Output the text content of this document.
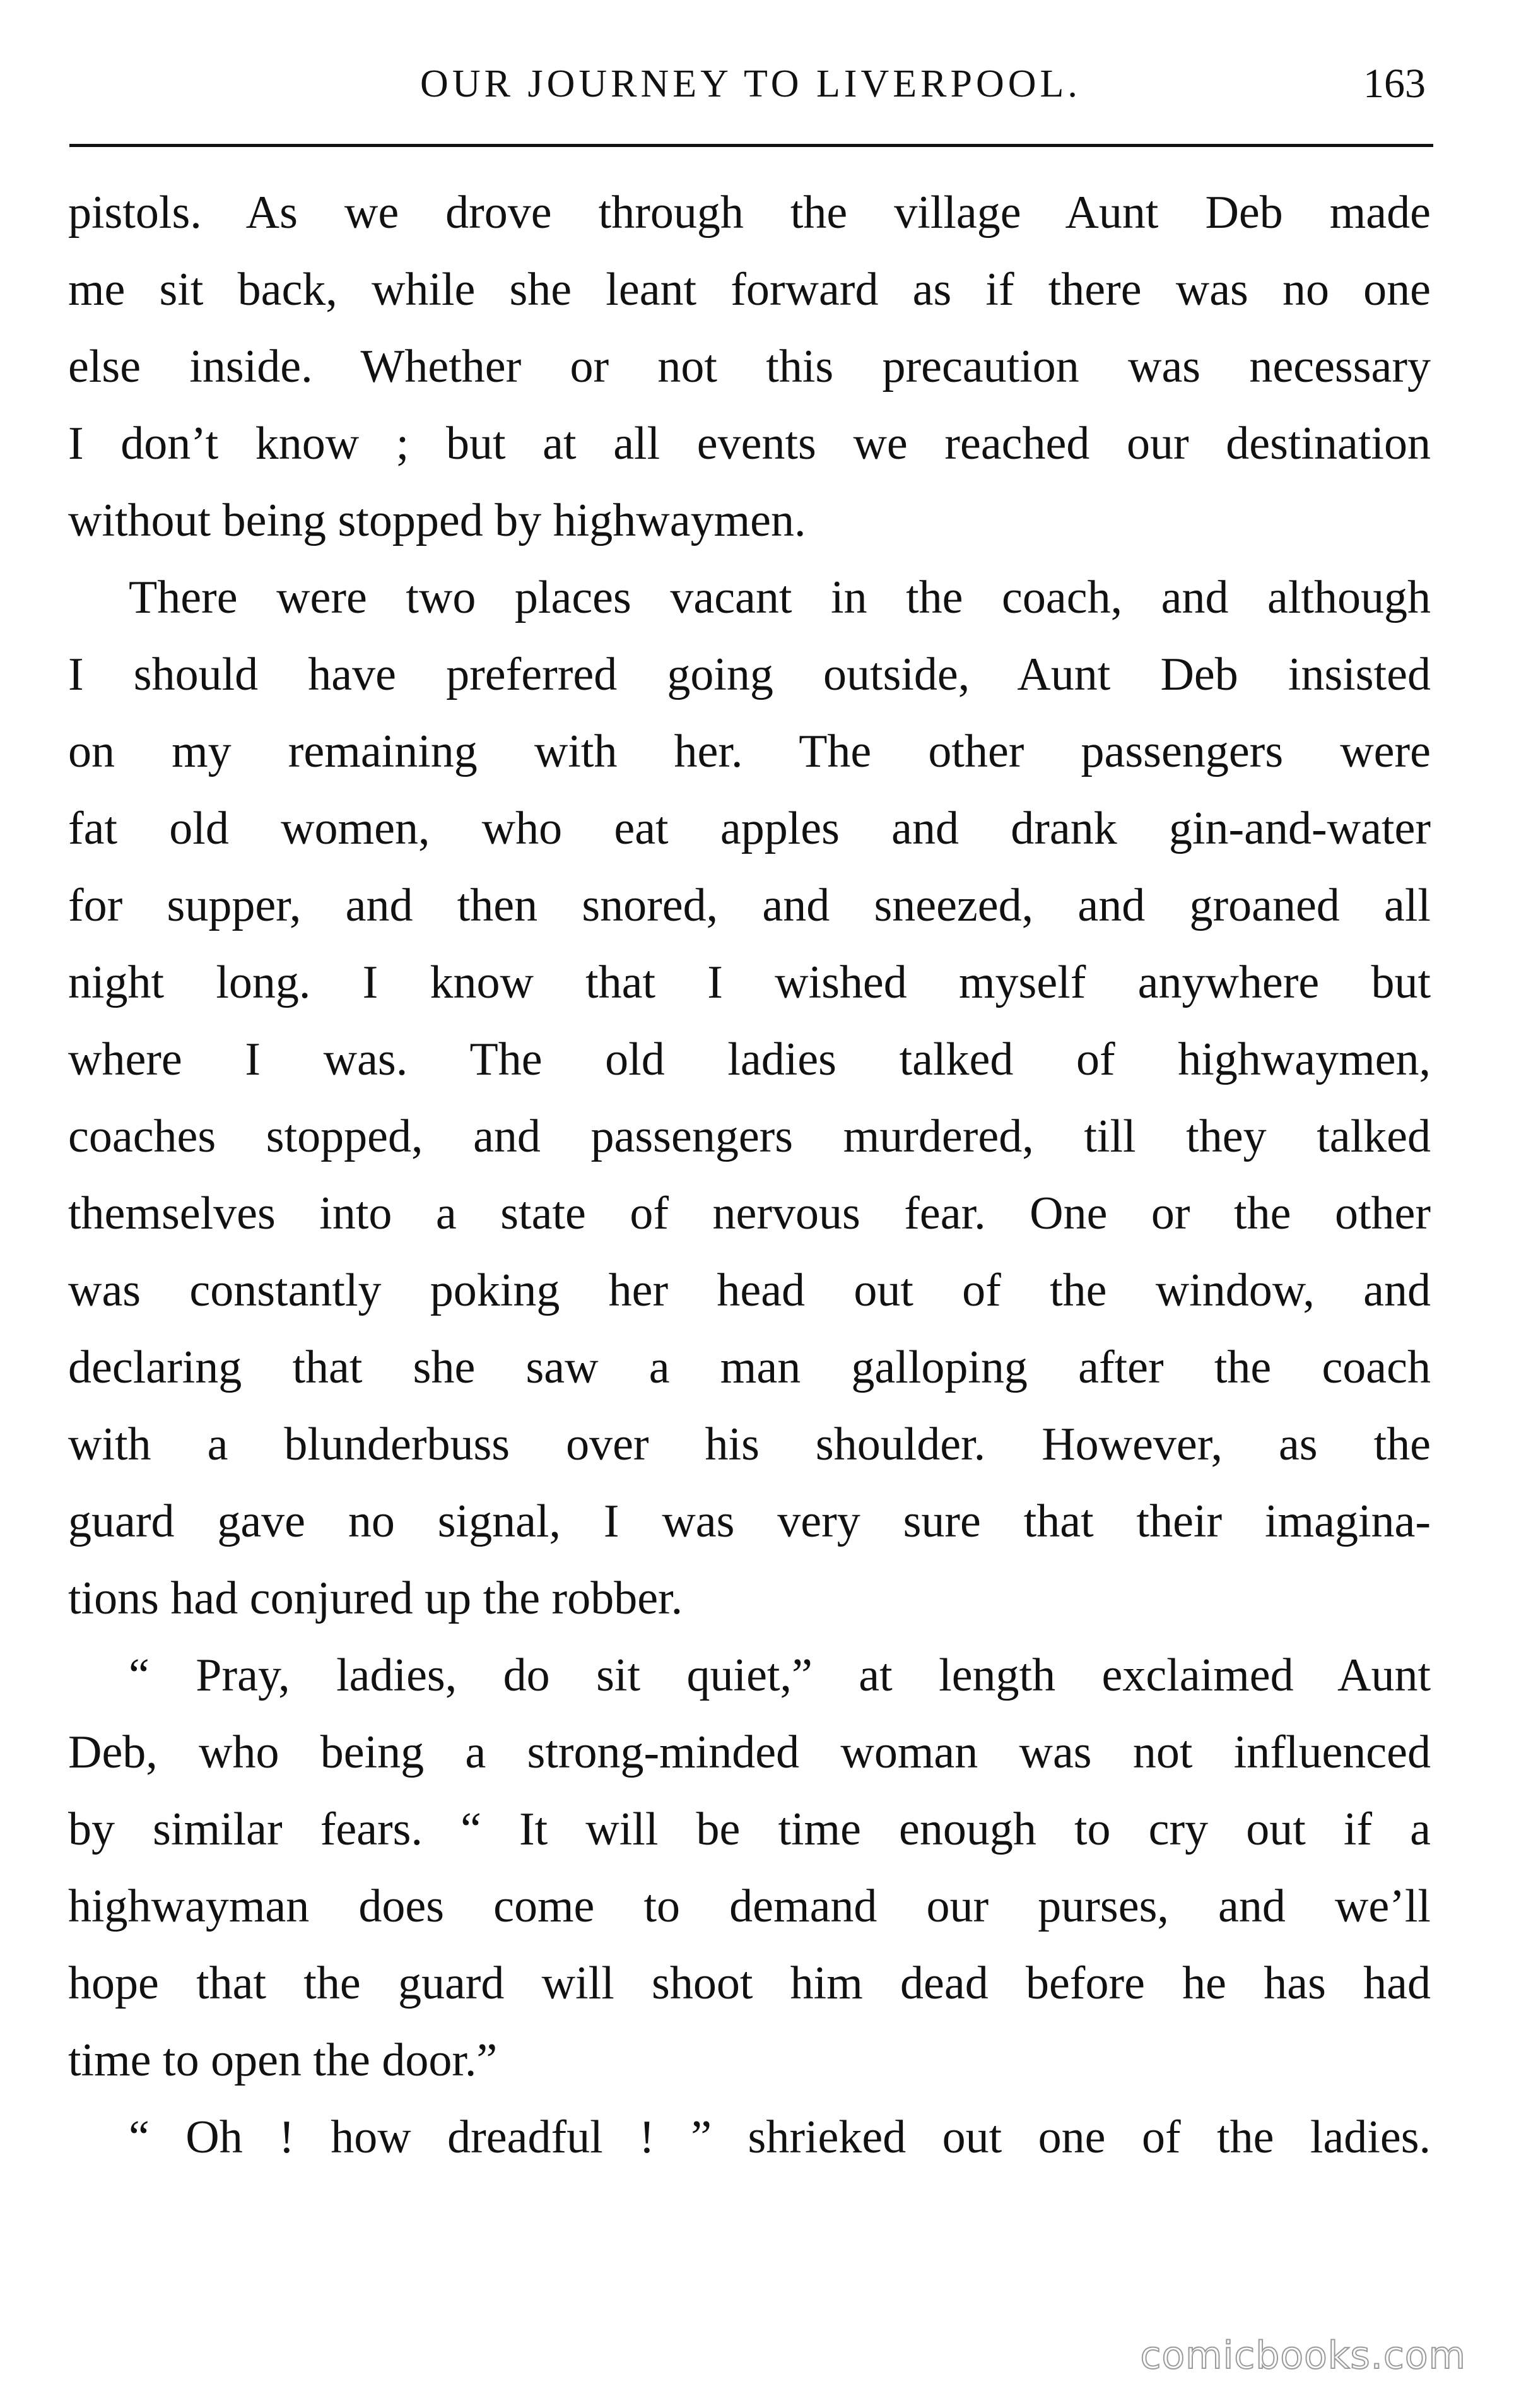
OUR JOURNEY TO LIVERPOOL.	163
pistols. As we drove through the village Aunt Deb made
me sit back, while she leant forward as if there was no one
else inside. Whether or not this precaution was necessary
I don’t know ; but at all events we reached our destination
without being stopped by highwaymen.
There were two places vacant in the coach, and although
I should have preferred going outside, Aunt Deb insisted
on my remaining with her. The other passengers were
fat old women, who eat apples and drank gin-and-water
for supper, and then snored, and sneezed, and groaned all
night long. I know that I wished myself anywhere but
where I was. The old ladies talked of highwaymen,
coaches stopped, and passengers murdered, till they talked
themselves into a state of nervous fear. One or the other
was constantly poking her head out of the window, and
declaring that she saw a man galloping after the coach
with a blunderbuss over his shoulder. However, as the
guard gave no signal, I was very sure that their imagina-
tions had conjured up the robber.
“ Pray, ladies, do sit quiet,” at length exclaimed Aunt
Deb, who being a strong-minded woman was not influenced
by similar fears. “ It will be time enough to cry out if a
highwayman does come to demand our purses, and we’ll
hope that the guard will shoot him dead before he has had
time to open the door.”
“ Oh ! how dreadful ! ” shrieked out one of the ladies.
comicbooks.com
